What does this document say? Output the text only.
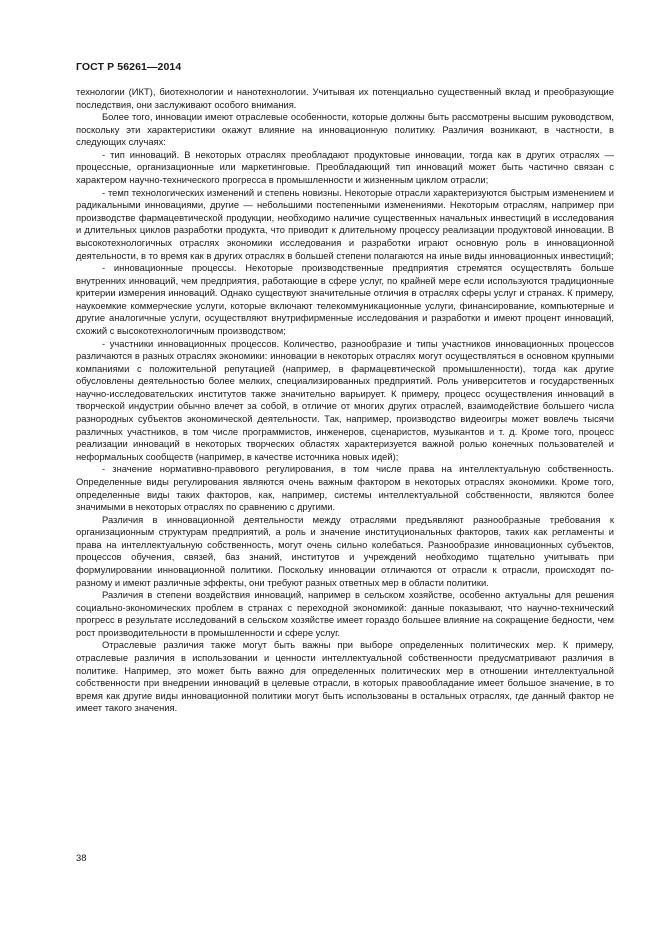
ГОСТ Р 56261—2014

технологии (ИКТ), биотехнологии и нанотехнологии. Учитывая их потенциально существенный вклад и преобразующие последствия, они заслуживают особого внимания.

Более того, инновации имеют отраслевые особенности, которые должны быть рассмотрены высшим руководством, поскольку эти характеристики окажут влияние на инновационную политику. Различия возникают, в частности, в следующих случаях:

- тип инноваций. В некоторых отраслях преобладают продуктовые инновации, тогда как в других отраслях — процессные, организационные или маркетинговые. Преобладающий тип инноваций может быть частично связан с характером научно-технического прогресса в промышленности и жизненным циклом отрасли;

- темп технологических изменений и степень новизны. Некоторые отрасли характеризуются быстрым изменением и радикальными инновациями, другие — небольшими постепенными изменениями. Некоторым отраслям, например при производстве фармацевтической продукции, необходимо наличие существенных начальных инвестиций в исследования и длительных циклов разработки продукта, что приводит к длительному процессу реализации продуктовой инновации. В высокотехнологичных отраслях экономики исследования и разработки играют основную роль в инновационной деятельности, в то время как в других отраслях в большей степени полагаются на иные виды инновационных инвестиций;

- инновационные процессы. Некоторые производственные предприятия стремятся осуществлять больше внутренних инноваций, чем предприятия, работающие в сфере услуг, по крайней мере если используются традиционные критерии измерения инноваций. Однако существуют значительные отличия в отраслях сферы услуг и странах. К примеру, наукоемкие коммерческие услуги, которые включают телекоммуникационные услуги, финансирование, компьютерные и другие аналогичные услуги, осуществляют внутрифирменные исследования и разработки и имеют процент инноваций, схожий с высокотехнологичным производством;

- участники инновационных процессов. Количество, разнообразие и типы участников инновационных процессов различаются в разных отраслях экономики: инновации в некоторых отраслях могут осуществляться в основном крупными компаниями с положительной репутацией (например, в фармацевтической промышленности), тогда как другие обусловлены деятельностью более мелких, специализированных предприятий. Роль университетов и государственных научно-исследовательских институтов также значительно варьирует. К примеру, процесс осуществления инноваций в творческой индустрии обычно влечет за собой, в отличие от многих других отраслей, взаимодействие большего числа разнородных субъектов экономической деятельности. Так, например, производство видеоигры может вовлечь тысячи различных участников, в том числе программистов, инженеров, сценаристов, музыкантов и т. д. Кроме того, процесс реализации инноваций в некоторых творческих областях характеризуется важной ролью конечных пользователей и неформальных сообществ (например, в качестве источника новых идей);

- значение нормативно-правового регулирования, в том числе права на интеллектуальную собственность. Определенные виды регулирования являются очень важным фактором в некоторых отраслях экономики. Кроме того, определенные виды таких факторов, как, например, системы интеллектуальной собственности, являются более значимыми в некоторых отраслях по сравнению с другими.

Различия в инновационной деятельности между отраслями предъявляют разнообразные требования к организационным структурам предприятий, а роль и значение институциональных факторов, таких как регламенты и права на интеллектуальную собственность, могут очень сильно колебаться. Разнообразие инновационных субъектов, процессов обучения, связей, баз знаний, институтов и учреждений необходимо тщательно учитывать при формулировании инновационной политики. Поскольку инновации отличаются от отрасли к отрасли, происходят по-разному и имеют различные эффекты, они требуют разных ответных мер в области политики.

Различия в степени воздействия инноваций, например в сельском хозяйстве, особенно актуальны для решения социально-экономических проблем в странах с переходной экономикой: данные показывают, что научно-технический прогресс в результате исследований в сельском хозяйстве имеет гораздо большее влияние на сокращение бедности, чем рост производительности в промышленности и сфере услуг.

Отраслевые различия также могут быть важны при выборе определенных политических мер. К примеру, отраслевые различия в использовании и ценности интеллектуальной собственности предусматривают различия в политике. Например, это может быть важно для определенных политических мер в отношении интеллектуальной собственности при внедрении инноваций в целевые отрасли, в которых правообладание имеет большое значение, в то время как другие виды инновационной политики могут быть использованы в остальных отраслях, где данный фактор не имеет такого значения.

38
